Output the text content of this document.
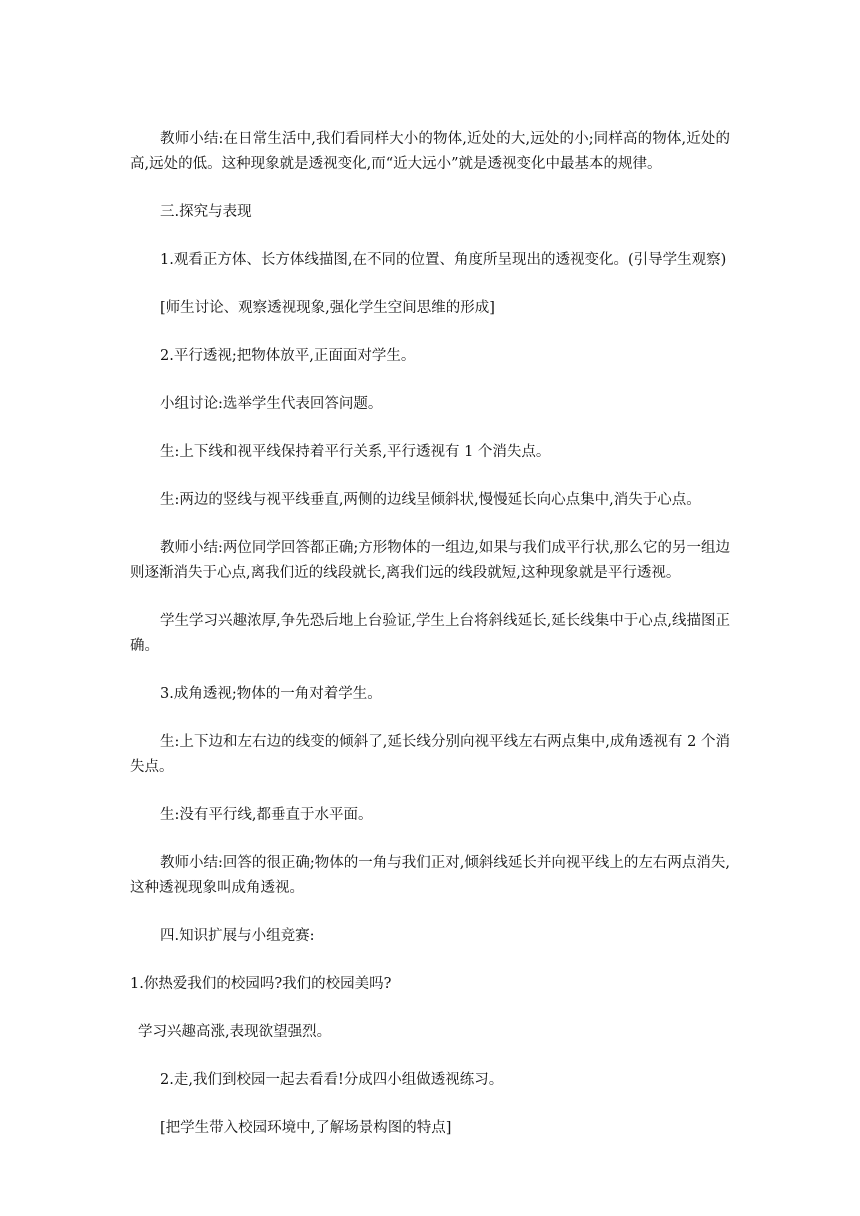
教师小结:在日常生活中,我们看同样大小的物体,近处的大,远处的小;同样高的物体,近处的高,远处的低。这种现象就是透视变化,而“近大远小”就是透视变化中最基本的规律。

三.探究与表现

1.观看正方体、长方体线描图,在不同的位置、角度所呈现出的透视变化。(引导学生观察)

[师生讨论、观察透视现象,强化学生空间思维的形成]

2.平行透视;把物体放平,正面面对学生。

小组讨论:选举学生代表回答问题。

生:上下线和视平线保持着平行关系,平行透视有 1 个消失点。

生:两边的竖线与视平线垂直,两侧的边线呈倾斜状,慢慢延长向心点集中,消失于心点。

教师小结:两位同学回答都正确;方形物体的一组边,如果与我们成平行状,那么它的另一组边则逐渐消失于心点,离我们近的线段就长,离我们远的线段就短,这种现象就是平行透视。

学生学习兴趣浓厚,争先恐后地上台验证,学生上台将斜线延长,延长线集中于心点,线描图正确。

3.成角透视;物体的一角对着学生。

生:上下边和左右边的线变的倾斜了,延长线分别向视平线左右两点集中,成角透视有 2 个消失点。

生:没有平行线,都垂直于水平面。

教师小结:回答的很正确;物体的一角与我们正对,倾斜线延长并向视平线上的左右两点消失,这种透视现象叫成角透视。

四.知识扩展与小组竞赛:

1.你热爱我们的校园吗?我们的校园美吗?

学习兴趣高涨,表现欲望强烈。

2.走,我们到校园一起去看看!分成四小组做透视练习。

[把学生带入校园环境中,了解场景构图的特点]
